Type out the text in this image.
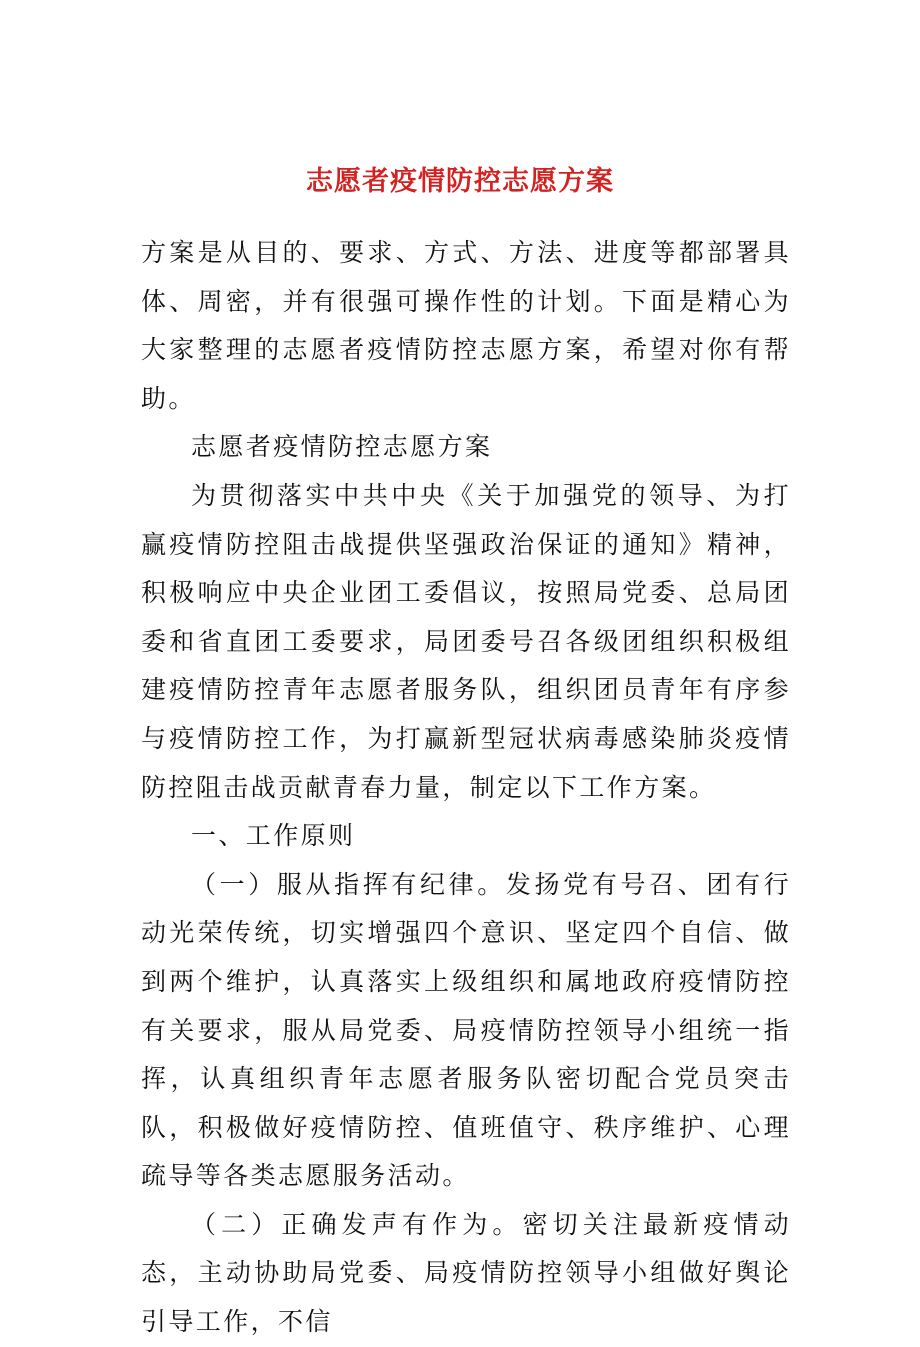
志愿者疫情防控志愿方案

方案是从目的、要求、方式、方法、进度等都部署具体、周密，并有很强可操作性的计划。下面是精心为大家整理的志愿者疫情防控志愿方案，希望对你有帮助。

志愿者疫情防控志愿方案

为贯彻落实中共中央《关于加强党的领导、为打赢疫情防控阻击战提供坚强政治保证的通知》精神，积极响应中央企业团工委倡议，按照局党委、总局团委和省直团工委要求，局团委号召各级团组织积极组建疫情防控青年志愿者服务队，组织团员青年有序参与疫情防控工作，为打赢新型冠状病毒感染肺炎疫情防控阻击战贡献青春力量，制定以下工作方案。

一、工作原则

（一）服从指挥有纪律。发扬党有号召、团有行动光荣传统，切实增强四个意识、坚定四个自信、做到两个维护，认真落实上级组织和属地政府疫情防控有关要求，服从局党委、局疫情防控领导小组统一指挥，认真组织青年志愿者服务队密切配合党员突击队，积极做好疫情防控、值班值守、秩序维护、心理疏导等各类志愿服务活动。

（二）正确发声有作为。密切关注最新疫情动态，主动协助局党委、局疫情防控领导小组做好舆论引导工作，不信
